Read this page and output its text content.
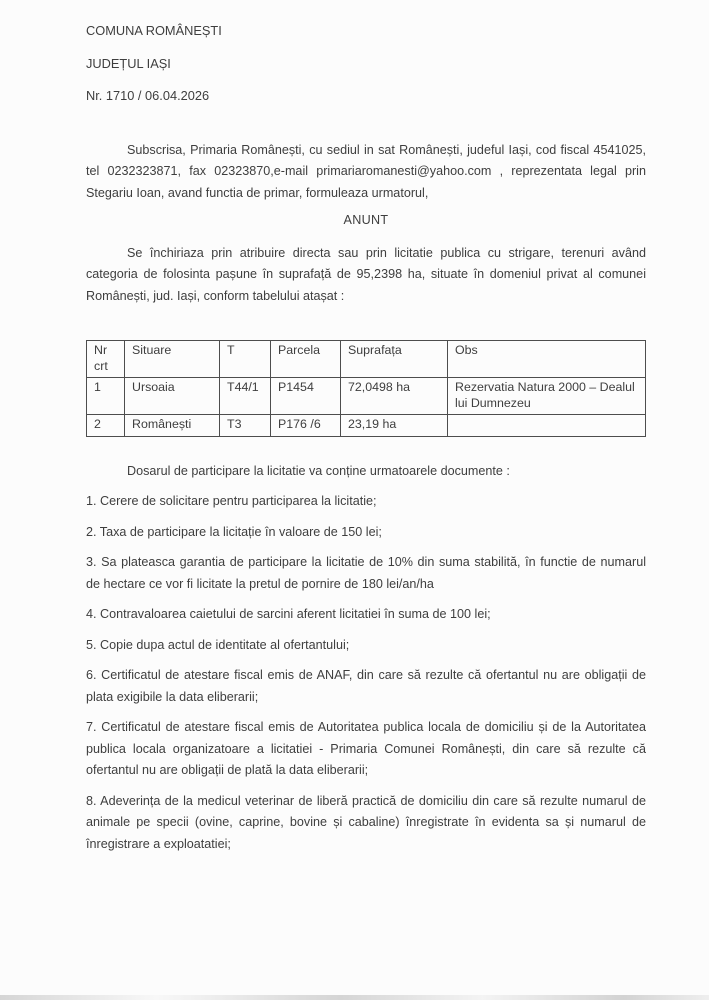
COMUNA ROMÂNEȘTI

JUDEȚUL IAȘI

Nr. 1710 / 06.04.2026

Subscrisa, Primaria Românești, cu sediul in sat Românești, judeful Iași, cod fiscal 4541025, tel 0232323871, fax 02323870,e-mail primariaromanesti@yahoo.com , reprezentata legal prin Stegariu Ioan, avand functia de primar, formuleaza urmatorul,

ANUNT

Se închiriaza prin atribuire directa sau prin licitatie publica cu strigare, terenuri având categoria de folosinta pașune în suprafață de 95,2398 ha, situate în domeniul privat al comunei Românești, jud. Iași, conform tabelului atașat :

Nr crt	Situare	T	Parcela	Suprafața	Obs
1	Ursoaia	T44/1	P1454	72,0498 ha	Rezervatia Natura 2000 – Dealul lui Dumnezeu
2	Românești	T3	P176 /6	23,19 ha	

Dosarul de participare la licitatie va conține urmatoarele documente :

1. Cerere de solicitare pentru participarea la licitatie;

2. Taxa de participare la licitație în valoare de 150 lei;

3. Sa plateasca garantia de participare la licitatie de 10% din suma stabilită, în functie de numarul de hectare ce vor fi licitate la pretul de pornire de 180 lei/an/ha

4. Contravaloarea caietului de sarcini aferent licitatiei în suma de 100 lei;

5. Copie dupa actul de identitate al ofertantului;

6. Certificatul de atestare fiscal emis de ANAF, din care să rezulte că ofertantul nu are obligații de plata exigibile la data eliberarii;

7. Certificatul de atestare fiscal emis de Autoritatea publica locala de domiciliu și de la Autoritatea publica locala organizatoare a licitatiei - Primaria Comunei Românești, din care să rezulte că ofertantul nu are obligații de plată la data eliberarii;

8. Adeverința de la medicul veterinar de liberă practică de domiciliu din care să rezulte numarul de animale pe specii (ovine, caprine, bovine și cabaline) înregistrate în evidenta sa și numarul de înregistrare a exploatatiei;
